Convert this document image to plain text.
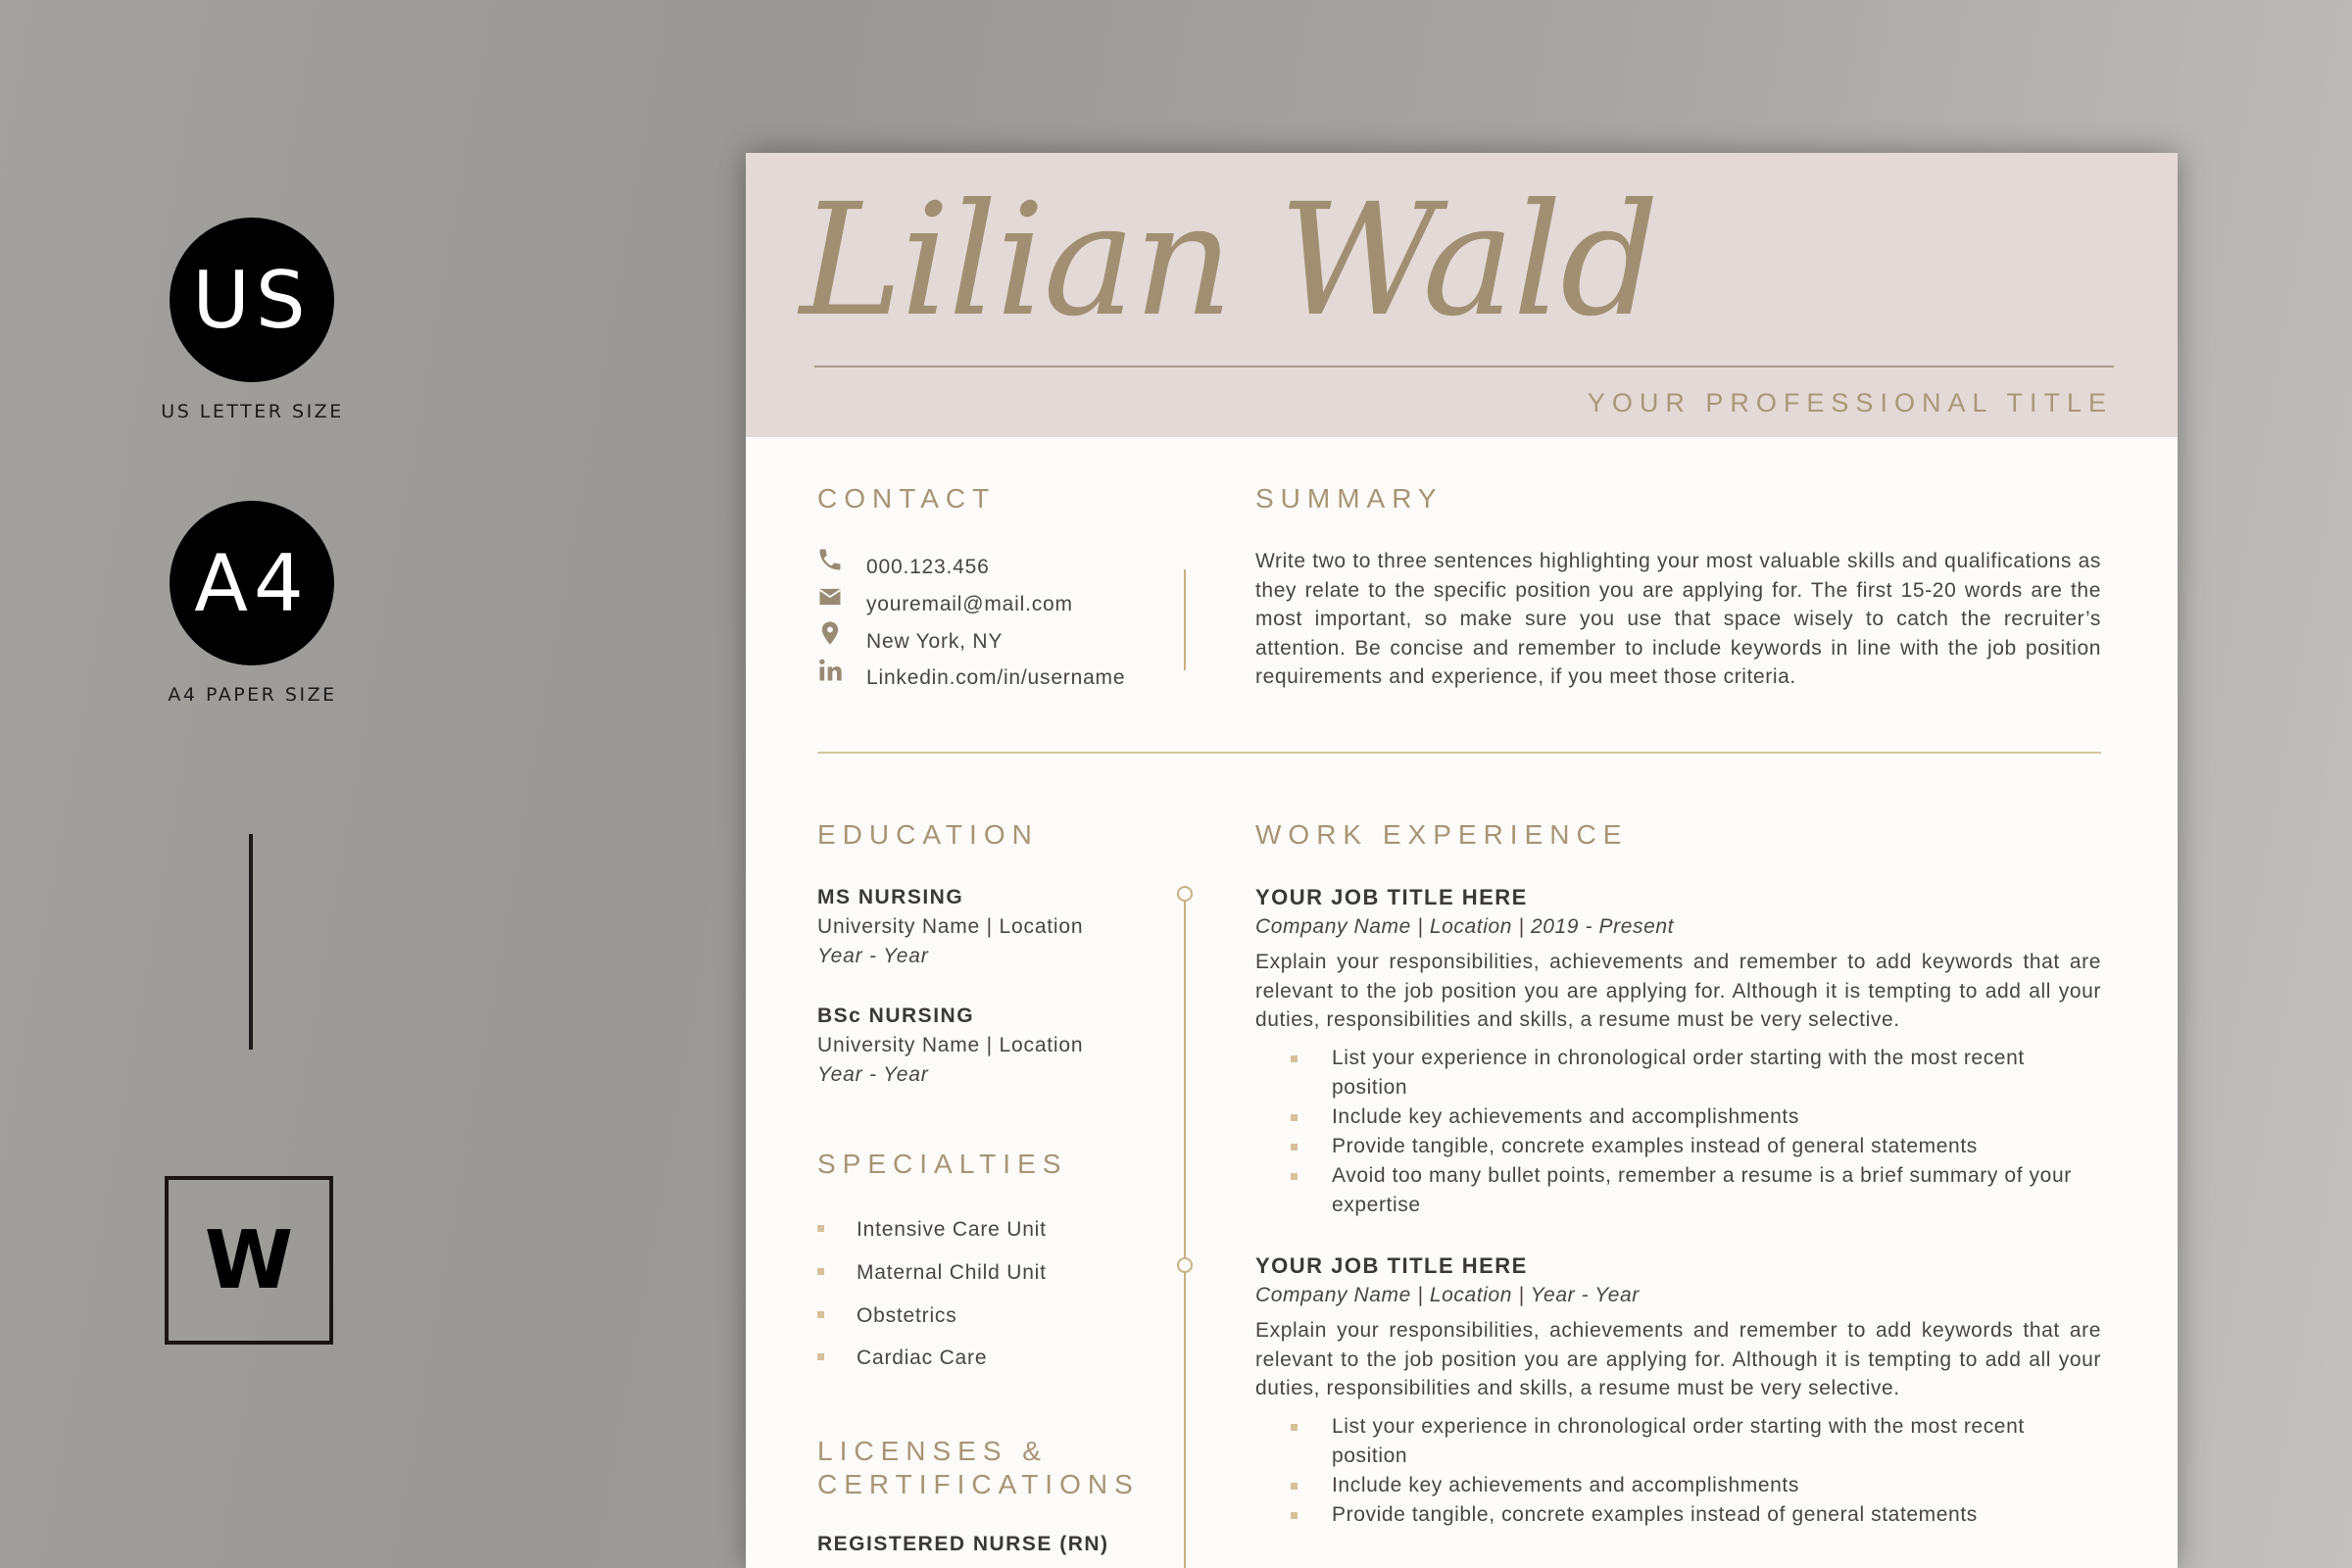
US
US LETTER SIZE
A4
A4 PAPER SIZE
W
Lilian Wald
YOUR PROFESSIONAL TITLE
CONTACT
000.123.456
youremail@mail.com
New York, NY
Linkedin.com/in/username
SUMMARY
Write two to three sentences highlighting your most valuable skills and qualifications as they relate to the specific position you are applying for. The first 15-20 words are the most important, so make sure you use that space wisely to catch the recruiter’s attention. Be concise and remember to include keywords in line with the job position requirements and experience, if you meet those criteria.
EDUCATION
MS NURSING
University Name | Location
Year - Year
BSc NURSING
University Name | Location
Year - Year
SPECIALTIES
Intensive Care Unit
Maternal Child Unit
Obstetrics
Cardiac Care
LICENSES &
CERTIFICATIONS
REGISTERED NURSE (RN)
WORK EXPERIENCE
YOUR JOB TITLE HERE
Company Name | Location | 2019 - Present
Explain your responsibilities, achievements and remember to add keywords that are relevant to the job position you are applying for. Although it is tempting to add all your duties, responsibilities and skills, a resume must be very selective.
List your experience in chronological order starting with the most recent position
Include key achievements and accomplishments
Provide tangible, concrete examples instead of general statements
Avoid too many bullet points, remember a resume is a brief summary of your expertise
YOUR JOB TITLE HERE
Company Name | Location | Year - Year
Explain your responsibilities, achievements and remember to add keywords that are relevant to the job position you are applying for. Although it is tempting to add all your duties, responsibilities and skills, a resume must be very selective.
List your experience in chronological order starting with the most recent position
Include key achievements and accomplishments
Provide tangible, concrete examples instead of general statements
